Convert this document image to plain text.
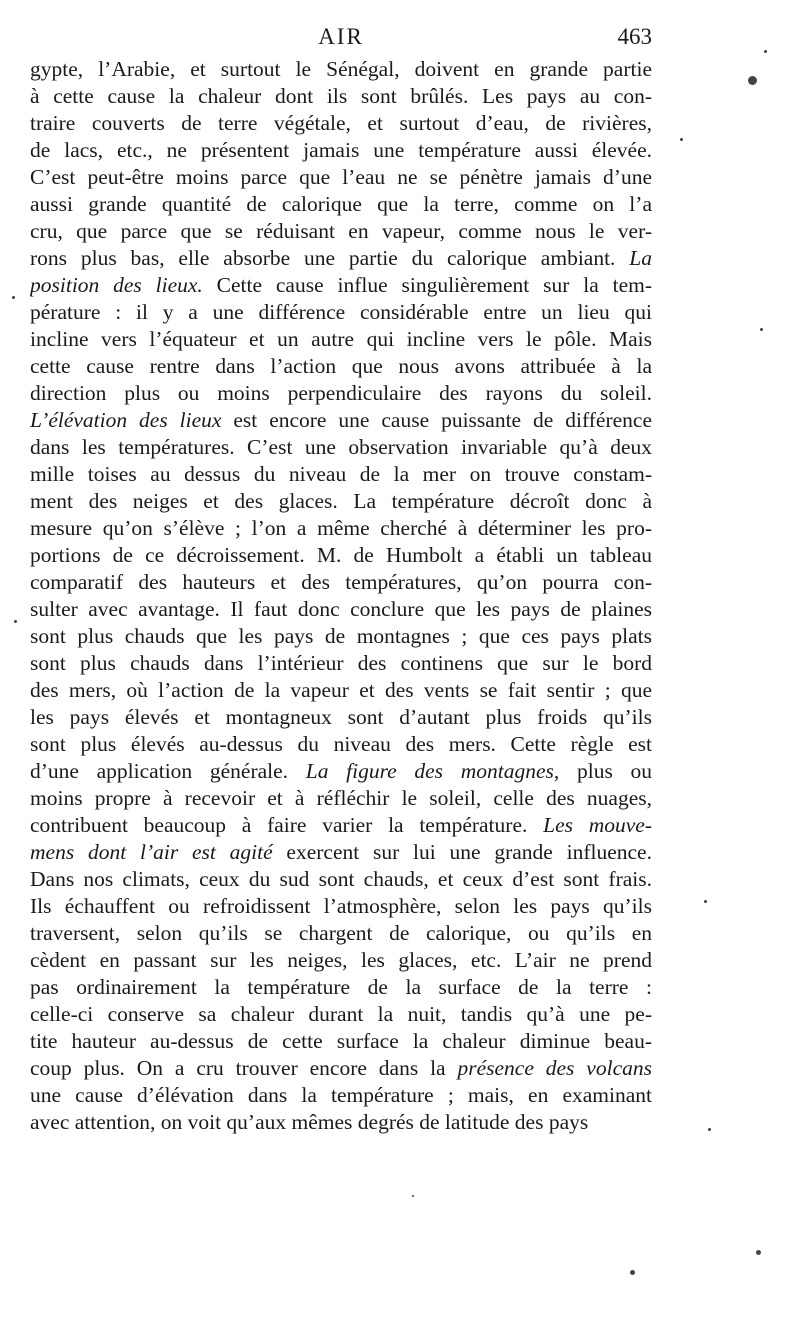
AIR	463
gypte, l’Arabie, et surtout le Sénégal, doivent en grande partie
à cette cause la chaleur dont ils sont brûlés. Les pays au con-
traire couverts de terre végétale, et surtout d’eau, de rivières,
de lacs, etc., ne présentent jamais une température aussi élevée.
C’est peut-être moins parce que l’eau ne se pénètre jamais d’une
aussi grande quantité de calorique que la terre, comme on l’a
cru, que parce que se réduisant en vapeur, comme nous le ver-
rons plus bas, elle absorbe une partie du calorique ambiant. La
position des lieux. Cette cause influe singulièrement sur la tem-
pérature : il y a une différence considérable entre un lieu qui
incline vers l’équateur et un autre qui incline vers le pôle. Mais
cette cause rentre dans l’action que nous avons attribuée à la
direction plus ou moins perpendiculaire des rayons du soleil.
L’élévation des lieux est encore une cause puissante de différence
dans les températures. C’est une observation invariable qu’à deux
mille toises au dessus du niveau de la mer on trouve constam-
ment des neiges et des glaces. La température décroît donc à
mesure qu’on s’élève ; l’on a même cherché à déterminer les pro-
portions de ce décroissement. M. de Humbolt a établi un tableau
comparatif des hauteurs et des températures, qu’on pourra con-
sulter avec avantage. Il faut donc conclure que les pays de plaines
sont plus chauds que les pays de montagnes ; que ces pays plats
sont plus chauds dans l’intérieur des continens que sur le bord
des mers, où l’action de la vapeur et des vents se fait sentir ; que
les pays élevés et montagneux sont d’autant plus froids qu’ils
sont plus élevés au-dessus du niveau des mers. Cette règle est
d’une application générale. La figure des montagnes, plus ou
moins propre à recevoir et à réfléchir le soleil, celle des nuages,
contribuent beaucoup à faire varier la température. Les mouve-
mens dont l’air est agité exercent sur lui une grande influence.
Dans nos climats, ceux du sud sont chauds, et ceux d’est sont frais.
Ils échauffent ou refroidissent l’atmosphère, selon les pays qu’ils
traversent, selon qu’ils se chargent de calorique, ou qu’ils en
cèdent en passant sur les neiges, les glaces, etc. L’air ne prend
pas ordinairement la température de la surface de la terre :
celle-ci conserve sa chaleur durant la nuit, tandis qu’à une pe-
tite hauteur au-dessus de cette surface la chaleur diminue beau-
coup plus. On a cru trouver encore dans la présence des volcans
une cause d’élévation dans la température ; mais, en examinant
avec attention, on voit qu’aux mêmes degrés de latitude des pays
